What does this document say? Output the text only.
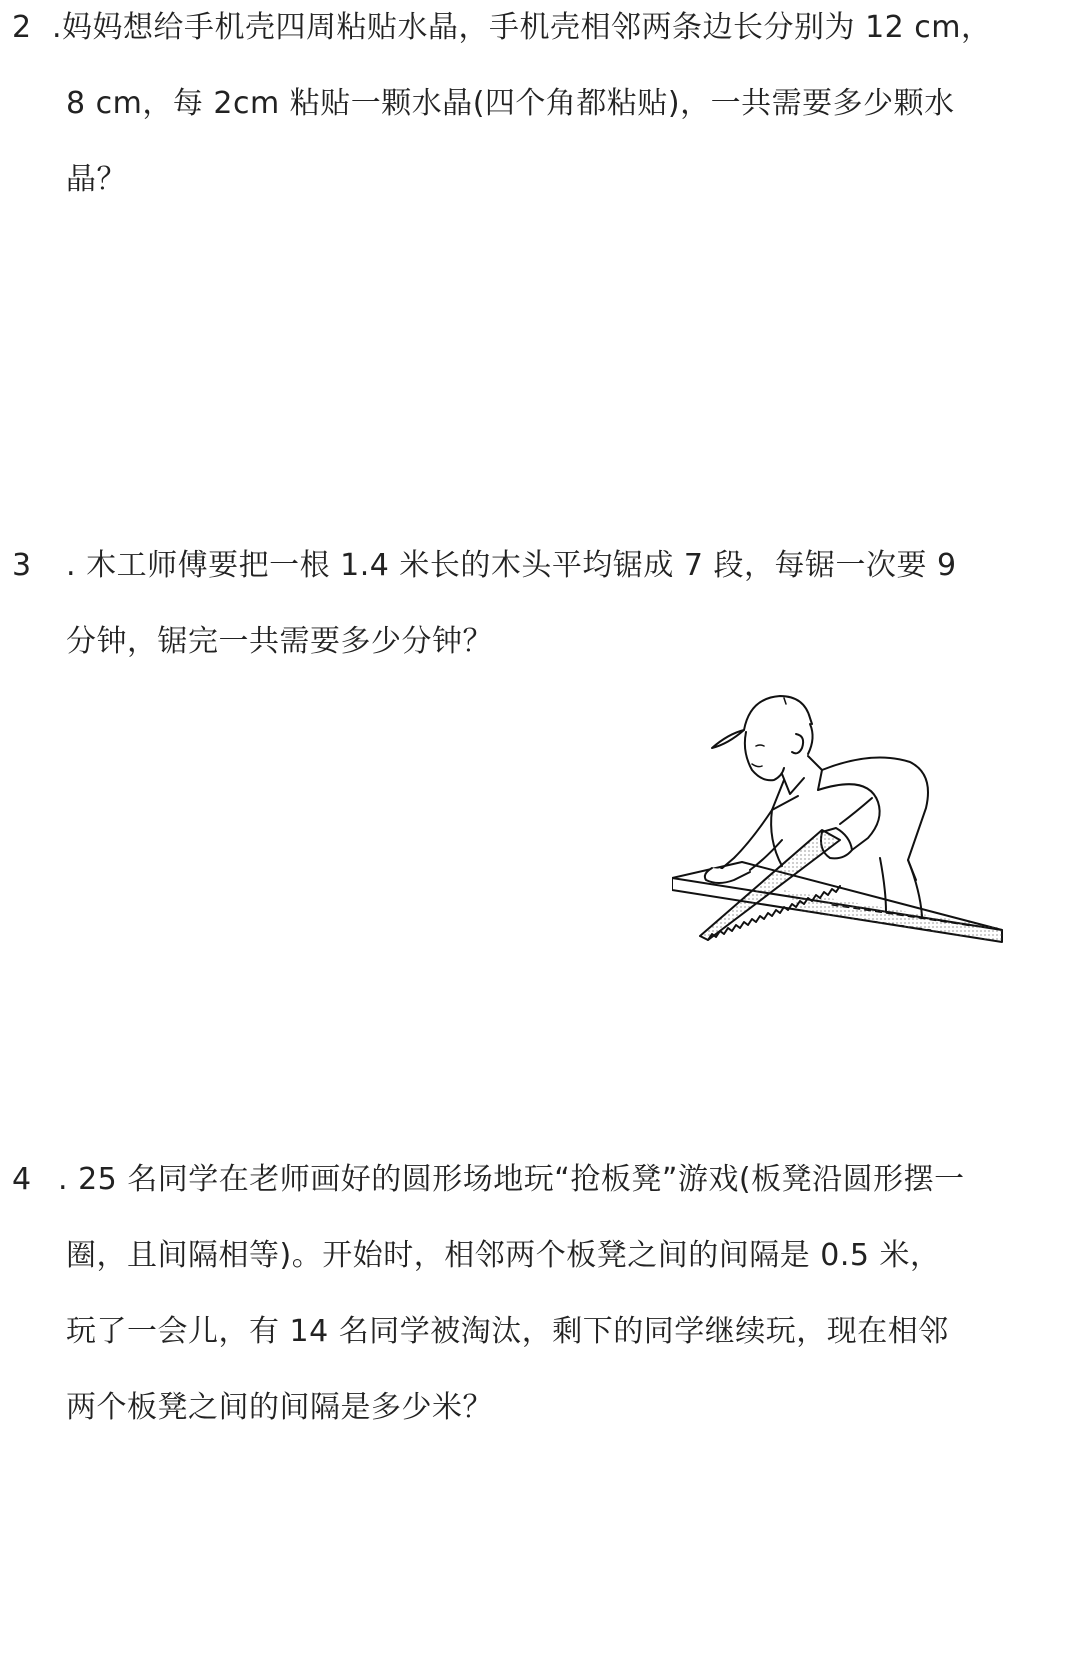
2 .妈妈想给手机壳四周粘贴水晶，手机壳相邻两条边长分别为 12 cm，
8 cm，每 2cm 粘贴一颗水晶(四个角都粘贴)，一共需要多少颗水
晶？
3 . 木工师傅要把一根 1.4 米长的木头平均锯成 7 段，每锯一次要 9
分钟，锯完一共需要多少分钟？
4 . 25 名同学在老师画好的圆形场地玩“抢板凳”游戏(板凳沿圆形摆一
圈，且间隔相等)。开始时，相邻两个板凳之间的间隔是 0.5 米，
玩了一会儿，有 14 名同学被淘汰，剩下的同学继续玩，现在相邻
两个板凳之间的间隔是多少米？
